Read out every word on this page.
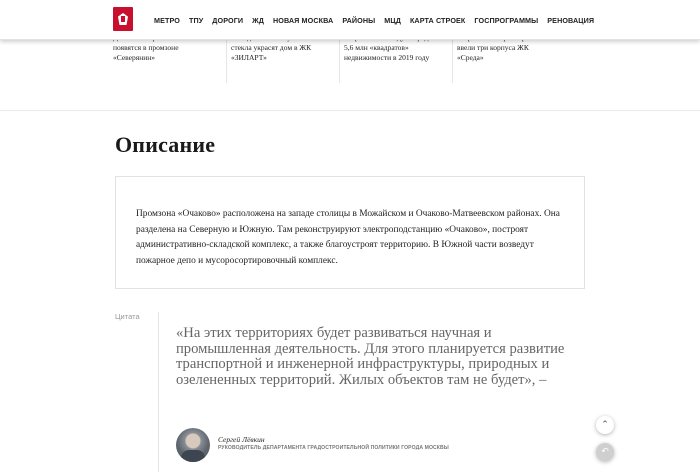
МЕТРО ТПУ ДОРОГИ ЖД НОВАЯ МОСКВА РАЙОНЫ МЦД КАРТА СТРОЕК ГОСПРОГРАММЫ РЕНОВАЦИЯ
появятся в промзоне
«Северянин»
стекла украсят дом в ЖК
«ЗИЛАРТ»
5,6 млн «квадратов»
недвижимости в 2019 году
ввели три корпуса ЖК
«Среда»
Описание

Промзона «Очаково» расположена на западе столицы в Можайском и Очаково-Матвеевском районах. Она разделена на Северную и Южную. Там реконструируют электроподстанцию «Очаково», построят административно-складской комплекс, а также благоустроят территорию. В Южной части возведут пожарное депо и мусоросортировочный комплекс.

Цитата

«На этих территориях будет развиваться научная и промышленная деятельность. Для этого планируется развитие транспортной и инженерной инфраструктуры, природных и озелененных территорий. Жилых объектов там не будет», –

Сергей Лёвкин
РУКОВОДИТЕЛЬ ДЕПАРТАМЕНТА ГРАДОСТРОИТЕЛЬНОЙ ПОЛИТИКИ ГОРОДА МОСКВЫ
⌃
↶
